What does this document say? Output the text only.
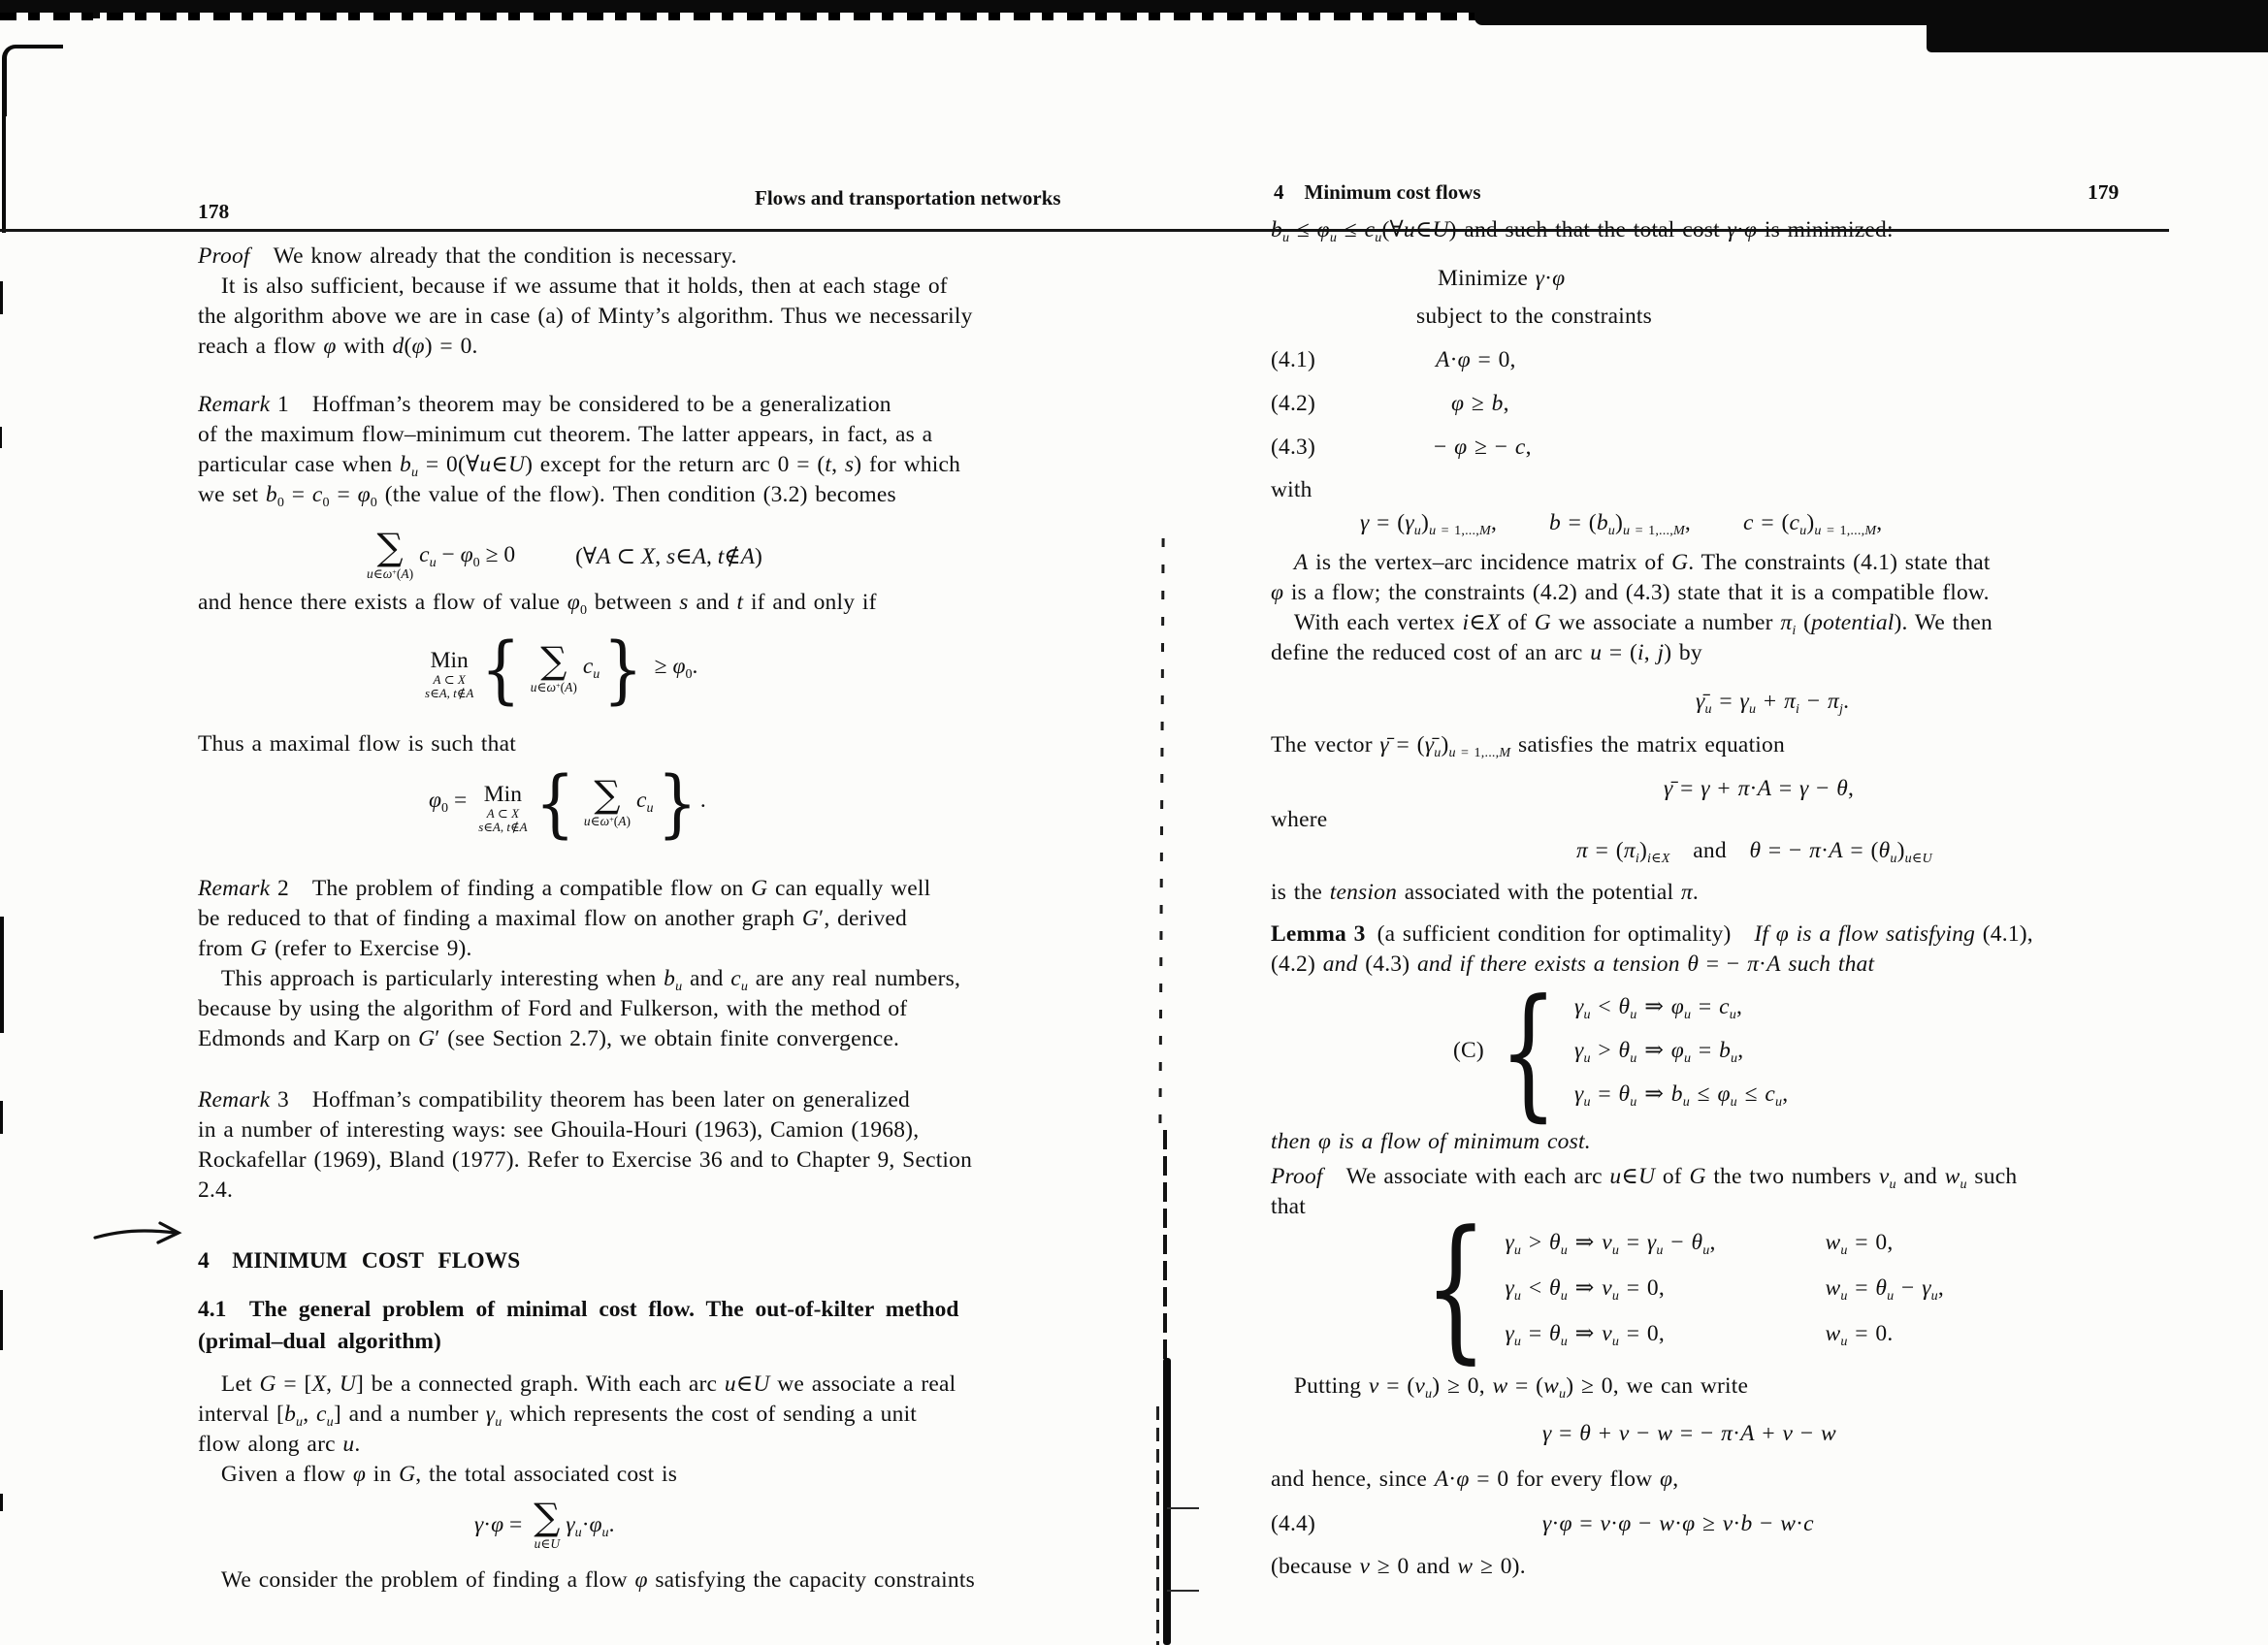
178
Flows and transportation networks
Proof  We know already that the condition is necessary.
  It is also sufficient, because if we assume that it holds, then at each stage of
the algorithm above we are in case (a) of Minty’s algorithm. Thus we necessarily
reach a flow φ with d(φ) = 0.
Remark 1  Hoffman’s theorem may be considered to be a generalization
of the maximum flow–minimum cut theorem. The latter appears, in fact, as a
particular case when $b_u$ = 0(∀u∈U) except for the return arc 0 = (t, s) for which
we set $b_0 = c_0 = \varphi_0$ (the value of the flow). Then condition (3.2) becomes
∑
u∈ω+(A)
$c_u - \varphi_0 \ge 0$	(∀A ⊂ X, s∈A, t∉A)
and hence there exists a flow of value $\varphi_0$ between s and t if and only if
Min
A ⊂ X
s∈A, t∉A { ∑
u∈ω+(A)
$c_u$ } ≥ $\varphi_0$.
Thus a maximal flow is such that
$\varphi_0$ = Min
A ⊂ X
s∈A, t∉A { ∑
u∈ω+(A)
$c_u$ } .
Remark 2  The problem of finding a compatible flow on G can equally well
be reduced to that of finding a maximal flow on another graph G′, derived
from G (refer to Exercise 9).
  This approach is particularly interesting when $b_u$ and $c_u$ are any real numbers,
because by using the algorithm of Ford and Fulkerson, with the method of
Edmonds and Karp on G′ (see Section 2.7), we obtain finite convergence.
Remark 3  Hoffman’s compatibility theorem has been later on generalized
in a number of interesting ways: see Ghouila-Houri (1963), Camion (1968),
Rockafellar (1969), Bland (1977). Refer to Exercise 36 and to Chapter 9, Section
2.4.
4 MINIMUM COST FLOWS
4.1 The general problem of minimal cost flow. The out-of-kilter method
(primal–dual algorithm)
  Let G = [X, U] be a connected graph. With each arc u∈U we associate a real
interval [$b_u$, $c_u$] and a number $\gamma_u$ which represents the cost of sending a unit
flow along arc u.
  Given a flow φ in G, the total associated cost is
γ·φ = ∑
u∈U
$\gamma_u\cdot\varphi_u$.
  We consider the problem of finding a flow φ satisfying the capacity constraints
4 Minimum cost flows	179
$b_u \le \varphi_u$ ≤ $c_u(\forall u\in U)$ and such that the total cost γ·φ is minimized:
Minimize γ·φ
subject to the constraints
(4.1)	A·φ = 0,
(4.2)	φ ≥ b,
(4.3)	− φ ≥ − c,
with
$\gamma = (\gamma_u)_{u = 1,...,M}$, $b = (b_u)_{u = 1,...,M}$, $c = (c_u)_{u = 1,...,M}$,
  A is the vertex–arc incidence matrix of G. The constraints (4.1) state that
φ is a flow; the constraints (4.2) and (4.3) state that it is a compatible flow.
  With each vertex i∈X of G we associate a number $\pi_i$ (potential). We then
define the reduced cost of an arc u = (i, j) by
$\gammā_u = \gamma_u + \pi_i - \pi_j$.
The vector γ̄ = $(\gammā_u)_{u = 1,...,M}$ satisfies the matrix equation
γ̄ = γ + π·A = γ − θ,
where
$\pi = (\pi_i)_{i\in X}$ and θ = − $\pi\cdot A = (\theta_u)_{u\in U}$
is the tension associated with the potential π.
Lemma 3 (a sufficient condition for optimality)  If φ is a flow satisfying (4.1),
(4.2) and (4.3) and if there exists a tension θ = − π·A such that
(C) { $\gamma_u < \theta_u$ ⇒ $\varphi_u = c_u$,
$\gamma_u > \theta_u$ ⇒ $\varphi_u = b_u$,
$\gamma_u = \theta_u$ ⇒ $b_u \le \varphi_u \le c_u$,
then φ is a flow of minimum cost.
Proof  We associate with each arc u∈U of G the two numbers $v_u$ and $w_u$ such
that { $\gamma_u > \theta_u$ ⇒ $v_u = \gamma_u - \theta_u$,	$w_u = 0$,
$\gamma_u < \theta_u$ ⇒ $v_u = 0$,	$w_u = \theta_u - \gamma_u$,
$\gamma_u = \theta_u$ ⇒ $v_u = 0$,	$w_u = 0$.
  Putting $v = (v_u) \ge 0$, $w = (w_u) \ge 0$, we can write
γ = θ + v − w = − π·A + v − w
and hence, since A·φ = 0 for every flow φ,
(4.4)	γ·φ = v·φ − w·φ ≥ v·b − w·c
(because v ≥ 0 and w ≥ 0).
